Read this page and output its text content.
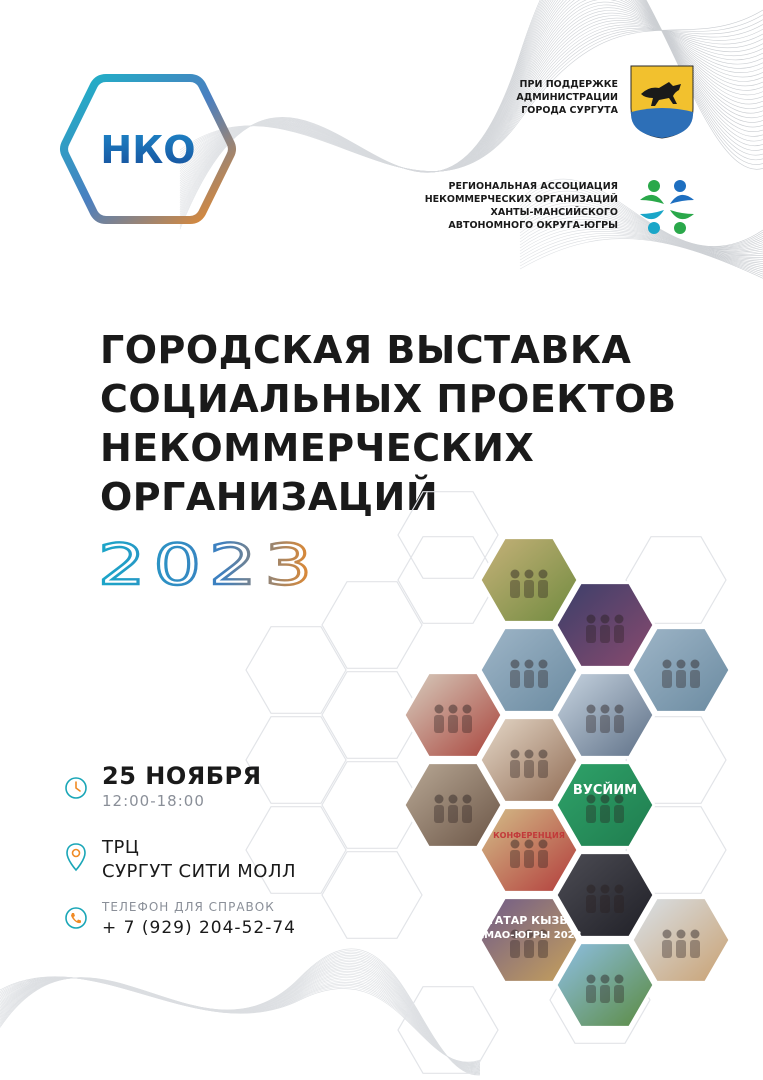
НКО
ПРИ ПОДДЕРЖКЕ
АДМИНИСТРАЦИИ
ГОРОДА СУРГУТА
РЕГИОНАЛЬНАЯ АССОЦИАЦИЯ
НЕКОММЕРЧЕСКИХ ОРГАНИЗАЦИЙ
ХАНТЫ-МАНСИЙСКОГО
АВТОНОМНОГО ОКРУГА-ЮГРЫ
ГОРОДСКАЯ ВЫСТАВКА
СОЦИАЛЬНЫХ ПРОЕКТОВ
НЕКОММЕРЧЕСКИХ
ОРГАНИЗАЦИЙ
2023
ВУСЙИМ
КОНФЕРЕНЦИЯ
ТАТАР КЫЗЫ
ХМАО-ЮГРЫ 2023
25 НОЯБРЯ
12:00-18:00
ТРЦ
СУРГУТ СИТИ МОЛЛ
ТЕЛЕФОН ДЛЯ СПРАВОК
+ 7 (929) 204-52-74
